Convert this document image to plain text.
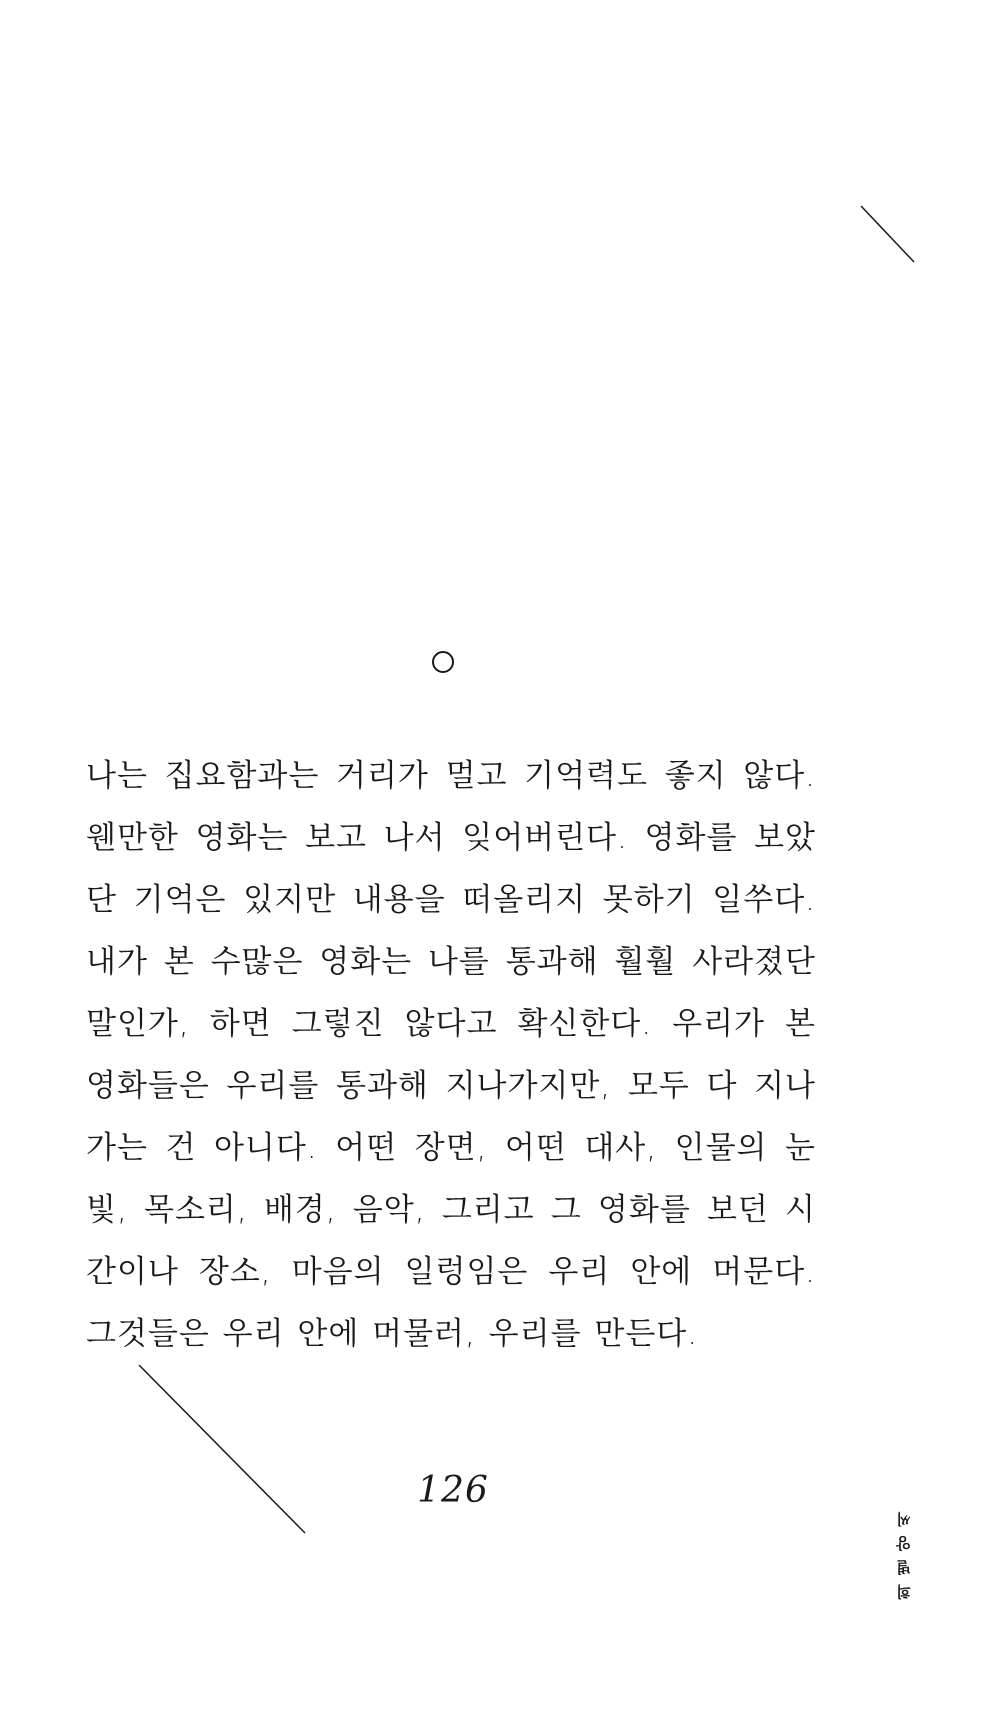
나는 집요함과는 거리가 멀고 기억력도 좋지 않다. 웬만한 영화는 보고 나서 잊어버린다. 영화를 보았단 기억은 있지만 내용을 떠올리지 못하기 일쑤다. 내가 본 수많은 영화는 나를 통과해 훨훨 사라졌단 말인가, 하면 그렇진 않다고 확신한다. 우리가 본 영화들은 우리를 통과해 지나가지만, 모두 다 지나가는 건 아니다. 어떤 장면, 어떤 대사, 인물의 눈빛, 목소리, 배경, 음악, 그리고 그 영화를 보던 시간이나 장소, 마음의 일렁임은 우리 안에 머문다. 그것들은 우리 안에 머물러, 우리를 만든다.

126
희 별 앙 씨
